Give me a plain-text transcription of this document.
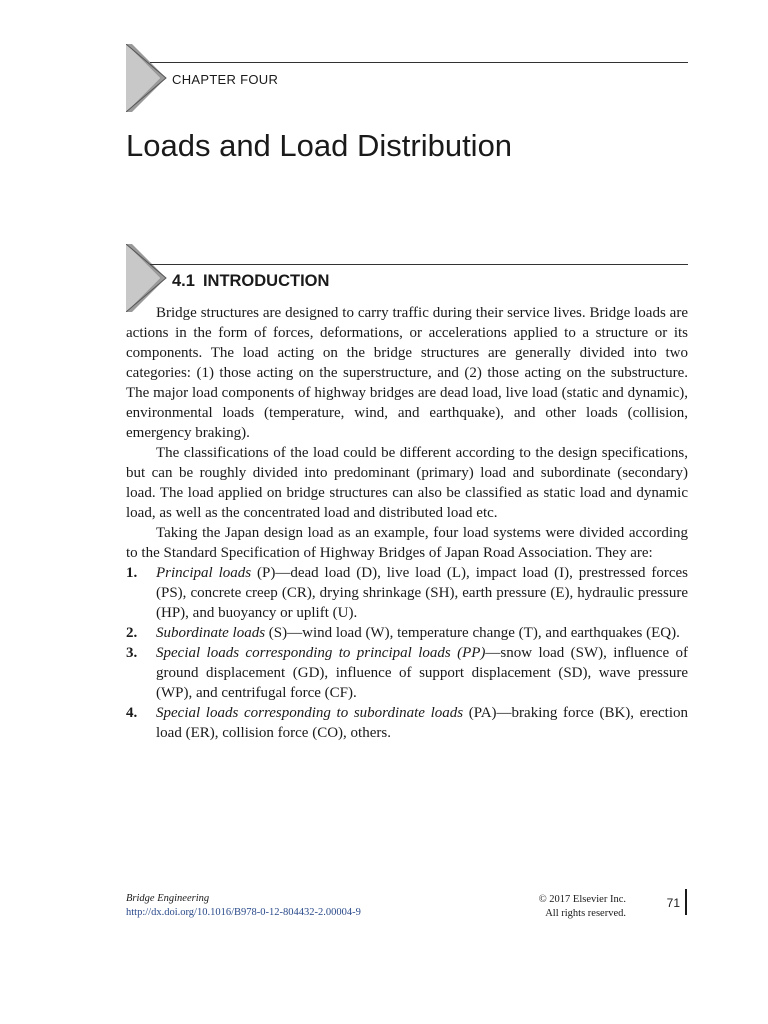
CHAPTER FOUR
Loads and Load Distribution
4.1 INTRODUCTION

Bridge structures are designed to carry traffic during their service lives. Bridge loads are actions in the form of forces, deformations, or accelerations applied to a structure or its components. The load acting on the bridge structures are generally divided into two categories: (1) those acting on the superstructure, and (2) those acting on the substructure. The major load components of highway bridges are dead load, live load (static and dynamic), environmental loads (temperature, wind, and earthquake), and other loads (collision, emergency braking).

The classifications of the load could be different according to the design specifications, but can be roughly divided into predominant (primary) load and subordinate (secondary) load. The load applied on bridge structures can also be classified as static load and dynamic load, as well as the concentrated load and distributed load etc.

Taking the Japan design load as an example, four load systems were divided according to the Standard Specification of Highway Bridges of Japan Road Association. They are:

1. Principal loads (P)—dead load (D), live load (L), impact load (I), prestressed forces (PS), concrete creep (CR), drying shrinkage (SH), earth pressure (E), hydraulic pressure (HP), and buoyancy or uplift (U).
2. Subordinate loads (S)—wind load (W), temperature change (T), and earthquakes (EQ).
3. Special loads corresponding to principal loads (PP)—snow load (SW), influence of ground displacement (GD), influence of support displacement (SD), wave pressure (WP), and centrifugal force (CF).
4. Special loads corresponding to subordinate loads (PA)—braking force (BK), erection load (ER), collision force (CO), others.
Bridge Engineering
http://dx.doi.org/10.1016/B978-0-12-804432-2.00004-9
© 2017 Elsevier Inc.
All rights reserved.
71
